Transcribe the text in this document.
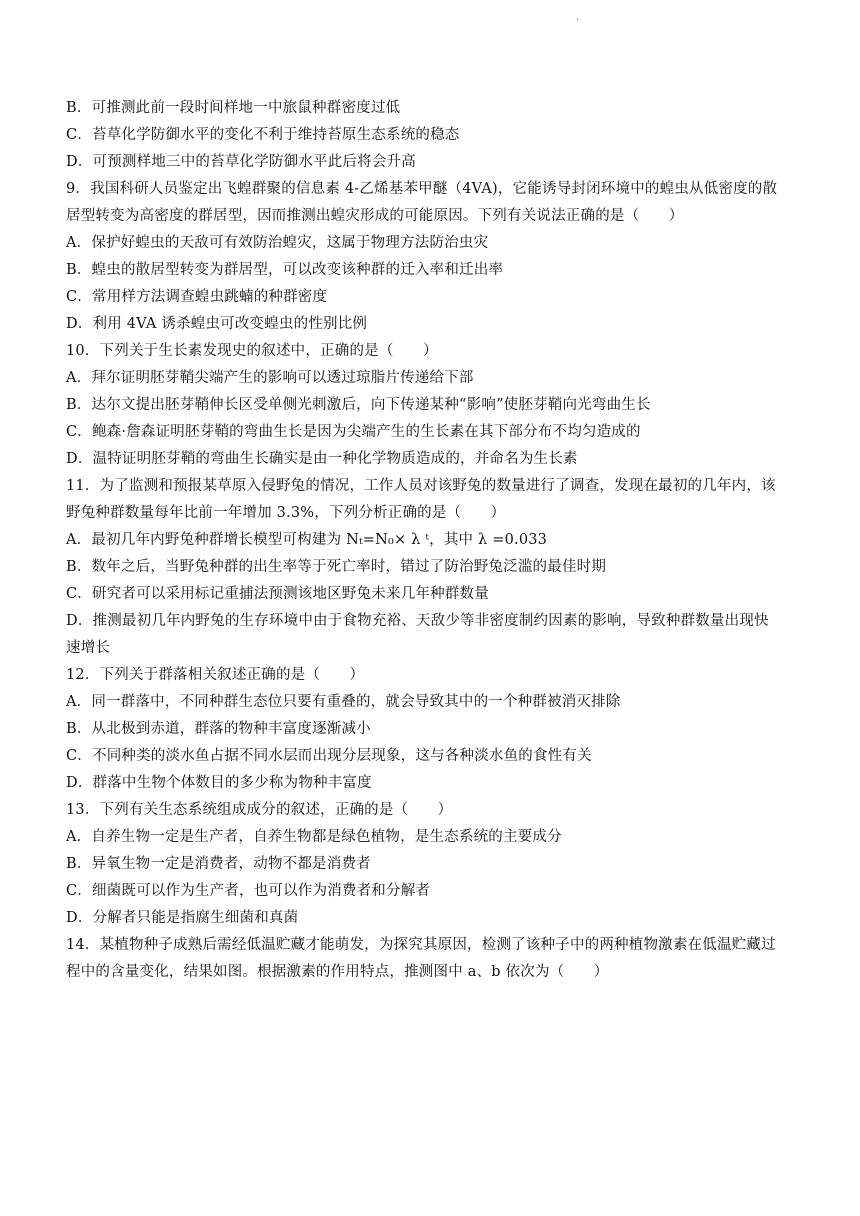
.
B．可推测此前一段时间样地一中旅鼠种群密度过低
C．苔草化学防御水平的变化不利于维持苔原生态系统的稳态
D．可预测样地三中的苔草化学防御水平此后将会升高
9．我国科研人员鉴定出飞蝗群聚的信息素 4-乙烯基苯甲醚（4VA)，它能诱导封闭环境中的蝗虫从低密度的散
居型转变为高密度的群居型，因而推测出蝗灾形成的可能原因。下列有关说法正确的是（　　）
A．保护好蝗虫的天敌可有效防治蝗灾，这属于物理方法防治虫灾
B．蝗虫的散居型转变为群居型，可以改变该种群的迁入率和迁出率
C．常用样方法调查蝗虫跳蝻的种群密度
D．利用 4VA 诱杀蝗虫可改变蝗虫的性别比例
10．下列关于生长素发现史的叙述中，正确的是（　　）
A．拜尔证明胚芽鞘尖端产生的影响可以透过琼脂片传递给下部
B．达尔文提出胚芽鞘伸长区受单侧光刺激后，向下传递某种“影响”使胚芽鞘向光弯曲生长
C．鲍森·詹森证明胚芽鞘的弯曲生长是因为尖端产生的生长素在其下部分布不均匀造成的
D．温特证明胚芽鞘的弯曲生长确实是由一种化学物质造成的，并命名为生长素
11．为了监测和预报某草原入侵野兔的情况，工作人员对该野兔的数量进行了调查，发现在最初的几年内，该
野兔种群数量每年比前一年增加 3.3%，下列分析正确的是（　　）
A．最初几年内野兔种群增长模型可构建为 Nₜ=N₀× λ ᵗ，其中 λ =0.033
B．数年之后，当野兔种群的出生率等于死亡率时，错过了防治野兔泛滥的最佳时期
C．研究者可以采用标记重捕法预测该地区野兔未来几年种群数量
D．推测最初几年内野兔的生存环境中由于食物充裕、天敌少等非密度制约因素的影响，导致种群数量出现快
速增长
12．下列关于群落相关叙述正确的是（　　）
A．同一群落中，不同种群生态位只要有重叠的，就会导致其中的一个种群被消灭排除
B．从北极到赤道，群落的物种丰富度逐渐减小
C．不同种类的淡水鱼占据不同水层而出现分层现象，这与各种淡水鱼的食性有关
D．群落中生物个体数目的多少称为物种丰富度
13．下列有关生态系统组成成分的叙述，正确的是（　　）
A．自养生物一定是生产者，自养生物都是绿色植物，是生态系统的主要成分
B．异氧生物一定是消费者，动物不都是消费者
C．细菌既可以作为生产者，也可以作为消费者和分解者
D．分解者只能是指腐生细菌和真菌
14．某植物种子成熟后需经低温贮藏才能萌发，为探究其原因，检测了该种子中的两种植物激素在低温贮藏过
程中的含量变化，结果如图。根据激素的作用特点，推测图中 a、b 依次为（　　）
